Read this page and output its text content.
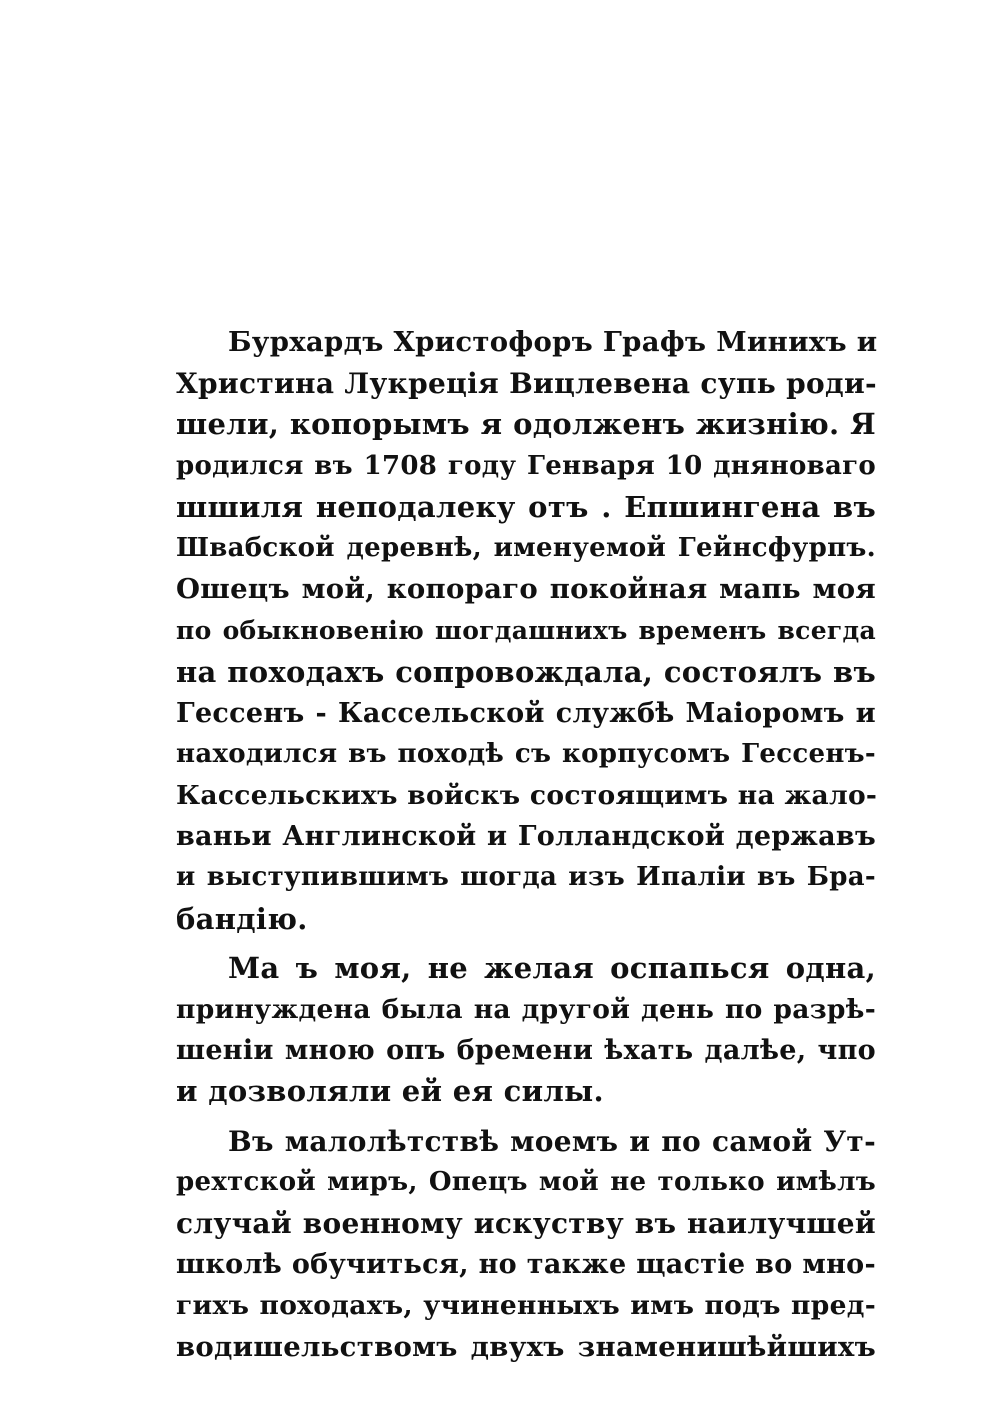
Бурхардъ Христофоръ Графъ Минихъ и
Христина Лукреція Вицлевена супь роди-
шели, копорымъ я одолженъ жизнію. Я
родился въ 1708 году Генваря 10 дняноваго
шшиля неподалеку отъ . Епшингена въ
Швабской деревнѣ, именуемой Гейнсфурпъ.
Ошецъ мой, копораго покойная мапь моя
по обыкновенію шогдашнихъ временъ всегда
на походахъ сопровождала, состоялъ въ
Гессенъ - Кассельской службѣ Маіоромъ и
находился въ походѣ съ корпусомъ Гессенъ-
Кассельскихъ войскъ состоящимъ на жало-
ваньи Англинской и Голландской державъ
и выступившимъ шогда изъ Ипаліи въ Бра-
бандію.

Ма ъ моя, не желая оспапься одна,
принуждена была на другой день по разрѣ-
шеніи мною опъ бремени ѣхать далѣе, чпо
и дозволяли ей ея силы.

Въ малолѣтствѣ моемъ и по самой Ут-
рехтской миръ, Опецъ мой не только имѣлъ
случай военному искуству въ наилучшей
школѣ обучиться, но также щастіе во мно-
гихъ походахъ, учиненныхъ имъ подъ пред-
водишельствомъ двухъ знаменишѣйшихъ
